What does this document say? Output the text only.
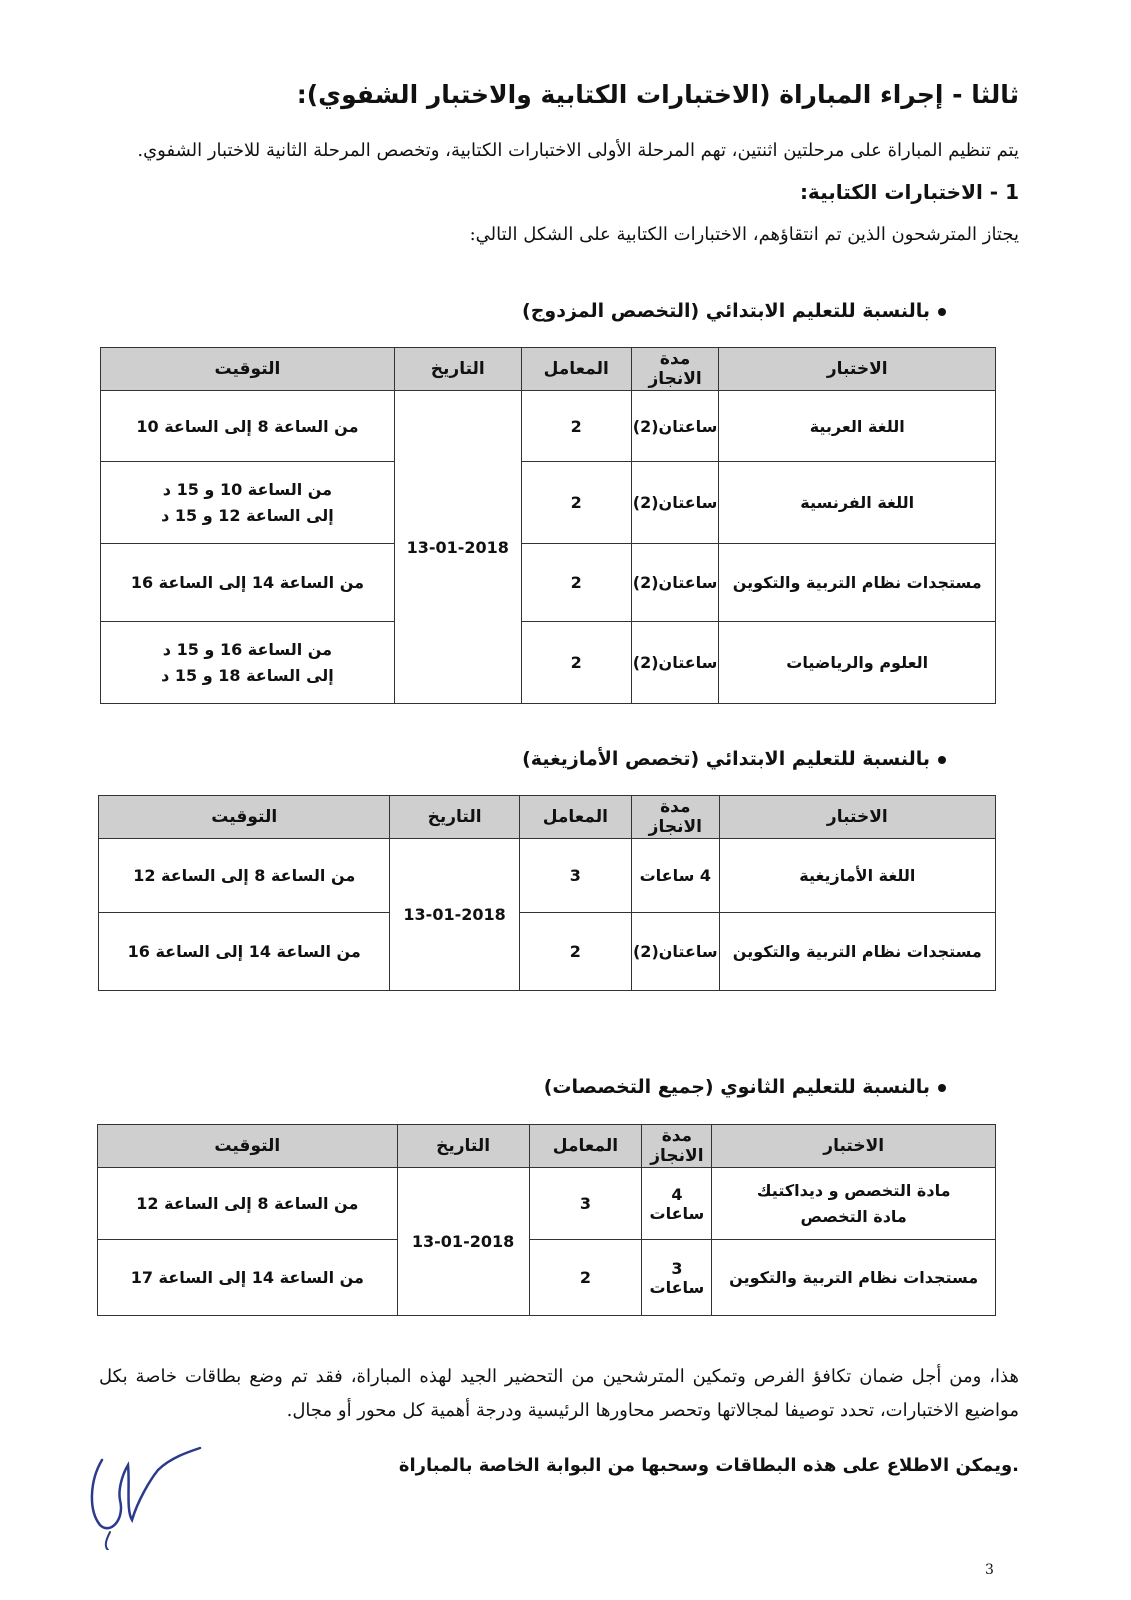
ثالثا - إجراء المباراة (الاختبارات الكتابية والاختبار الشفوي):
يتم تنظيم المباراة على مرحلتين اثنتين، تهم المرحلة الأولى الاختبارات الكتابية، وتخصص المرحلة الثانية للاختبار الشفوي.
1 - الاختبارات الكتابية:
يجتاز المترشحون الذين تم انتقاؤهم، الاختبارات الكتابية على الشكل التالي:
بالنسبة للتعليم الابتدائي (التخصص المزدوج)
الاختبار	مدة الانجاز	المعامل	التاريخ	التوقيت
اللغة العربية	ساعتان(2)	2	13-01-2018	من الساعة 8 إلى الساعة 10
اللغة الفرنسية	ساعتان(2)	2		من الساعة 10 و 15 د
إلى الساعة 12 و 15 د

مستجدات نظام التربية والتكوين	ساعتان(2)	2		من الساعة 14 إلى الساعة 16
العلوم والرياضيات	ساعتان(2)	2		من الساعة 16 و 15 د
إلى الساعة 18 و 15 د
بالنسبة للتعليم الابتدائي (تخصص الأمازيغية)
الاختبار	مدة الانجاز	المعامل	التاريخ	التوقيت
اللغة الأمازيغية	4 ساعات	3	13-01-2018	من الساعة 8 إلى الساعة 12
مستجدات نظام التربية والتكوين	ساعتان(2)	2		من الساعة 14 إلى الساعة 16
بالنسبة للتعليم الثانوي (جميع التخصصات)
الاختبار	مدة الانجاز	المعامل	التاريخ	التوقيت

مادة التخصص و ديداكتيك
مادة التخصص	4 ساعات	3	13-01-2018	من الساعة 8 إلى الساعة 12
مستجدات نظام التربية والتكوين	3 ساعات	2		من الساعة 14 إلى الساعة 17
هذا، ومن أجل ضمان تكافؤ الفرص وتمكين المترشحين من التحضير الجيد لهذه المباراة، فقد تم وضع بطاقات خاصة بكل مواضيع الاختبارات، تحدد توصيفا لمجالاتها وتحصر محاورها الرئيسية ودرجة أهمية كل محور أو مجال.
ويمكن الاطلاع على هذه البطاقات وسحبها من البوابة الخاصة بالمباراة.
3
